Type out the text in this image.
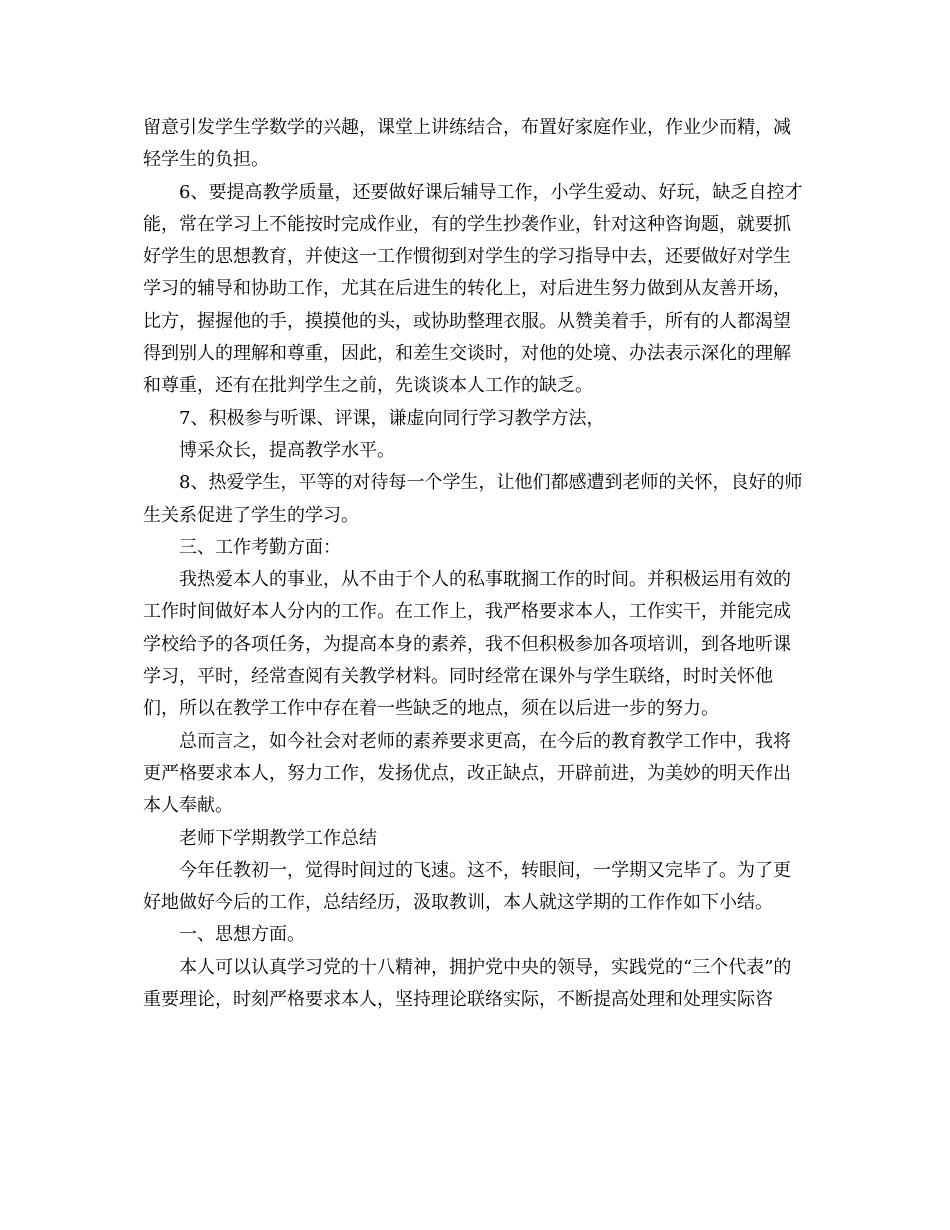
留意引发学生学数学的兴趣，课堂上讲练结合，布置好家庭作业，作业少而精，减轻学生的负担。

6、要提高教学质量，还要做好课后辅导工作，小学生爱动、好玩，缺乏自控才能，常在学习上不能按时完成作业，有的学生抄袭作业，针对这种咨询题，就要抓好学生的思想教育，并使这一工作惯彻到对学生的学习指导中去，还要做好对学生学习的辅导和协助工作，尤其在后进生的转化上，对后进生努力做到从友善开场，比方，握握他的手，摸摸他的头，或协助整理衣服。从赞美着手，所有的人都渴望得到别人的理解和尊重，因此，和差生交谈时，对他的处境、办法表示深化的理解和尊重，还有在批判学生之前，先谈谈本人工作的缺乏。

7、积极参与听课、评课，谦虚向同行学习教学方法，

博采众长，提高教学水平。

8、热爱学生，平等的对待每一个学生，让他们都感遭到老师的关怀，良好的师生关系促进了学生的学习。

三、工作考勤方面：

我热爱本人的事业，从不由于个人的私事耽搁工作的时间。并积极运用有效的工作时间做好本人分内的工作。在工作上，我严格要求本人，工作实干，并能完成学校给予的各项任务，为提高本身的素养，我不但积极参加各项培训，到各地听课学习，平时，经常查阅有关教学材料。同时经常在课外与学生联络，时时关怀他们，所以在教学工作中存在着一些缺乏的地点，须在以后进一步的努力。

总而言之，如今社会对老师的素养要求更高，在今后的教育教学工作中，我将更严格要求本人，努力工作，发扬优点，改正缺点，开辟前进，为美妙的明天作出本人奉献。

老师下学期教学工作总结

今年任教初一，觉得时间过的飞速。这不，转眼间，一学期又完毕了。为了更好地做好今后的工作，总结经历，汲取教训，本人就这学期的工作作如下小结。

一、思想方面。

本人可以认真学习党的十八精神，拥护党中央的领导，实践党的“三个代表”的重要理论，时刻严格要求本人，坚持理论联络实际，不断提高处理和处理实际咨
